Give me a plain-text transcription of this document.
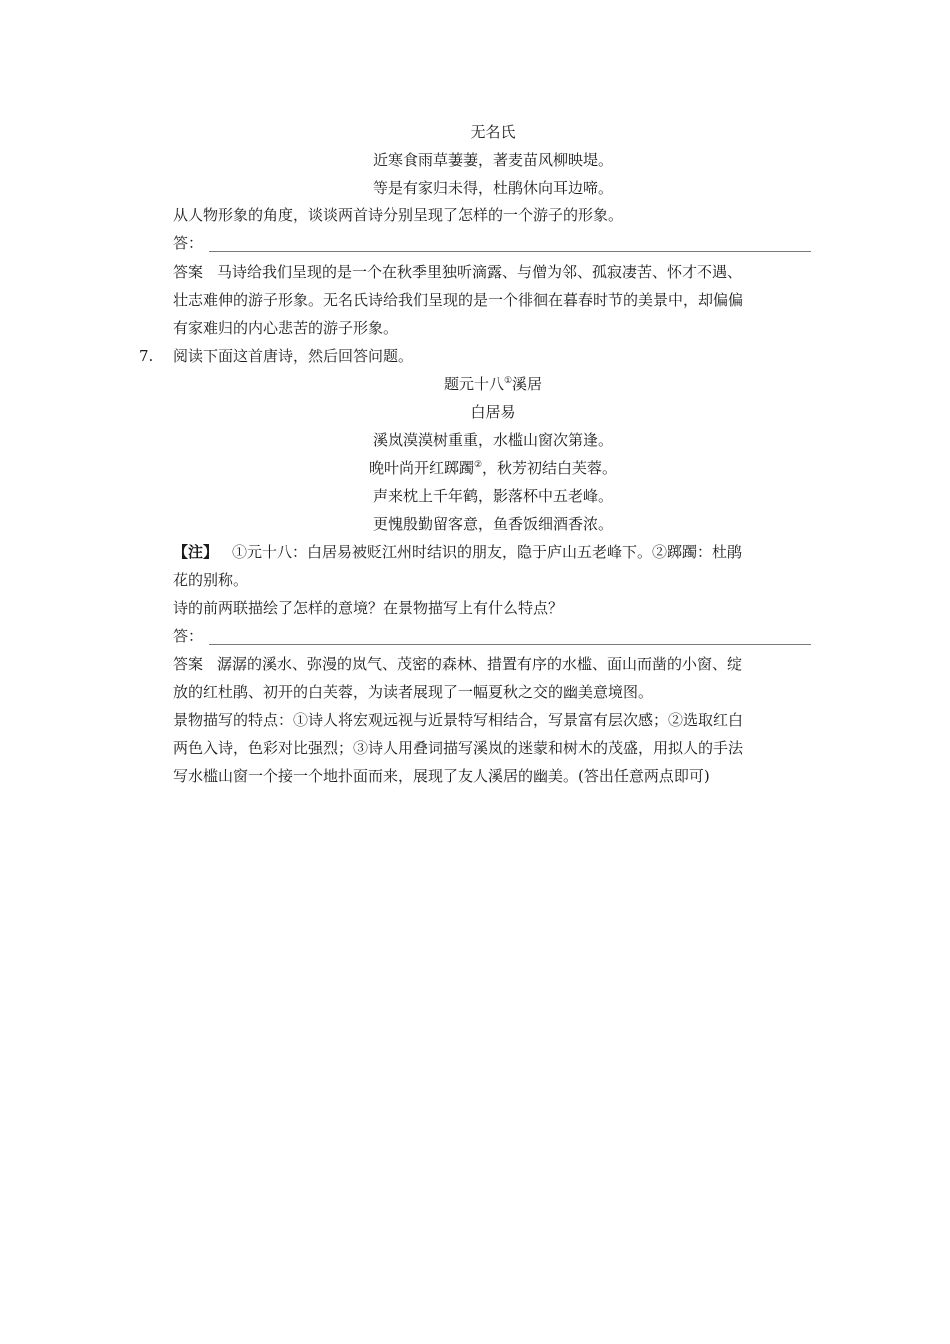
无名氏
近寒食雨草萋萋，著麦苗风柳映堤。
等是有家归未得，杜鹃休向耳边啼。
从人物形象的角度，谈谈两首诗分别呈现了怎样的一个游子的形象。
答：
答案 马诗给我们呈现的是一个在秋季里独听滴露、与僧为邻、孤寂凄苦、怀才不遇、
壮志难伸的游子形象。无名氏诗给我们呈现的是一个徘徊在暮春时节的美景中，却偏偏
有家难归的内心悲苦的游子形象。
7. 阅读下面这首唐诗，然后回答问题。
题元十八①溪居
白居易
溪岚漠漠树重重，水槛山窗次第逢。
晚叶尚开红踯躅②，秋芳初结白芙蓉。
声来枕上千年鹤，影落杯中五老峰。
更愧殷勤留客意，鱼香饭细酒香浓。
【注】 ①元十八：白居易被贬江州时结识的朋友，隐于庐山五老峰下。②踯躅：杜鹃
花的别称。
诗的前两联描绘了怎样的意境？在景物描写上有什么特点？
答：
答案 潺潺的溪水、弥漫的岚气、茂密的森林、措置有序的水槛、面山而凿的小窗、绽
放的红杜鹃、初开的白芙蓉，为读者展现了一幅夏秋之交的幽美意境图。
景物描写的特点：①诗人将宏观远视与近景特写相结合，写景富有层次感；②选取红白
两色入诗，色彩对比强烈；③诗人用叠词描写溪岚的迷蒙和树木的茂盛，用拟人的手法
写水槛山窗一个接一个地扑面而来，展现了友人溪居的幽美。(答出任意两点即可)
